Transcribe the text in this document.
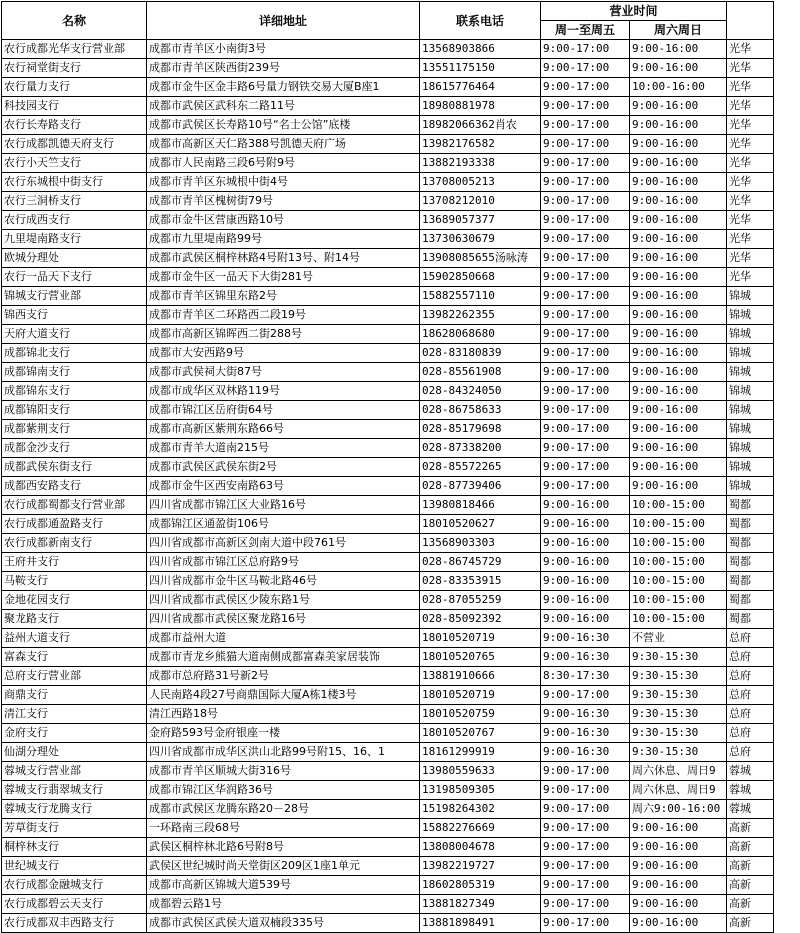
名称	详细地址	联系电话	营业时间		
			周一至周五	周六周日	
农行成都光华支行营业部	成都市青羊区小南街3号	13568903866	9:00-17:00	9:00-16:00	光华
农行祠堂街支行	成都市青羊区陕西街239号	13551175150	9:00-17:00	9:00-16:00	光华
农行量力支行	成都市金牛区金丰路6号量力钢铁交易大厦B座1	18615776464	9:00-17:00	10:00-16:00	光华
科技园支行	成都市武侯区武科东二路11号	18980881978	9:00-17:00	9:00-16:00	光华
农行长寿路支行	成都市武侯区长寿路10号“名士公馆”底楼	18982066362肖农	9:00-17:00	9:00-16:00	光华
农行成都凯德天府支行	成都市高新区天仁路388号凯德天府广场	13982176582	9:00-17:00	9:00-16:00	光华
农行小天竺支行	成都市人民南路三段6号附9号	13882193338	9:00-17:00	9:00-16:00	光华
农行东城根中街支行	成都市青羊区东城根中街4号	13708005213	9:00-17:00	9:00-16:00	光华
农行三洞桥支行	成都市青羊区槐树街79号	13708212010	9:00-17:00	9:00-16:00	光华
农行成西支行	成都市金牛区营康西路10号	13689057377	9:00-17:00	9:00-16:00	光华
九里堤南路支行	成都市九里堤南路99号	13730630679	9:00-17:00	9:00-16:00	光华
欧城分理处	成都市武侯区桐梓林路4号附13号、附14号	13908085655汤咏涛	9:00-17:00	9:00-16:00	光华
农行一品天下支行	成都市金牛区一品天下大街281号	15902850668	9:00-17:00	9:00-16:00	光华
锦城支行营业部	成都市青羊区锦里东路2号	15882557110	9:00-17:00	9:00-16:00	锦城
锦西支行	成都市青羊区二环路西二段19号	13982262355	9:00-17:00	9:00-16:00	锦城
天府大道支行	成都市高新区锦晖西二街288号	18628068680	9:00-17:00	9:00-16:00	锦城
成都锦北支行	成都市大安西路9号	028-83180839	9:00-17:00	9:00-16:00	锦城
成都锦南支行	成都市武侯祠大街87号	028-85561908	9:00-17:00	9:00-16:00	锦城
成都锦东支行	成都市成华区双林路119号	028-84324050	9:00-17:00	9:00-16:00	锦城
成都锦阳支行	成都市锦江区岳府街64号	028-86758633	9:00-17:00	9:00-16:00	锦城
成都紫荆支行	成都市高新区紫荆东路66号	028-85179698	9:00-17:00	9:00-16:00	锦城
成都金沙支行	成都市青羊大道南215号	028-87338200	9:00-17:00	9:00-16:00	锦城
成都武侯东街支行	成都市武侯区武侯东街2号	028-85572265	9:00-17:00	9:00-16:00	锦城
成都西安路支行	成都市金牛区西安南路63号	028-87739406	9:00-17:00	9:00-16:00	锦城
农行成都蜀都支行营业部	四川省成都市锦江区大业路16号	13980818466	9:00-16:00	10:00-15:00	蜀都
农行成都通盈路支行	成都锦江区通盈街106号	18010520627	9:00-16:00	10:00-15:00	蜀都
农行成都新南支行	四川省成都市高新区剑南大道中段761号	13568903303	9:00-16:00	10:00-15:00	蜀都
王府井支行	四川省成都市锦江区总府路9号	028-86745729	9:00-16:00	10:00-15:00	蜀都
马鞍支行	四川省成都市金牛区马鞍北路46号	028-83353915	9:00-16:00	10:00-15:00	蜀都
金地花园支行	四川省成都市武侯区少陵东路1号	028-87055259	9:00-16:00	10:00-15:00	蜀都
聚龙路支行	四川省成都市武侯区聚龙路16号	028-85092392	9:00-16:00	10:00-15:00	蜀都
益州大道支行	成都市益州大道	18010520719	9:00-16:30	不营业	总府
富森支行	成都市青龙乡熊猫大道南侧成都富森美家居装饰	18010520765	9:00-16:30	9:30-15:30	总府
总府支行营业部	成都市总府路31号新2号	13881910666	8:30-17:30	9:30-15:30	总府
商鼎支行	人民南路4段27号商鼎国际大厦A栋1楼3号	18010520719	9:00-17:00	9:30-15:30	总府
清江支行	清江西路18号	18010520759	9:00-16:30	9:30-15:30	总府
金府支行	金府路593号金府银座一楼	18010520767	9:00-16:30	9:30-15:30	总府
仙湖分理处	四川省成都市成华区洪山北路99号附15、16、1	18161299919	9:00-16:30	9:30-15:30	总府
蓉城支行营业部	成都市青羊区顺城大街316号	13980559633	9:00-17:00	周六休息、周日9	蓉城
蓉城支行翡翠城支行	成都市锦江区华润路36号	13198509305	9:00-17:00	周六休息、周日9	蓉城
蓉城支行龙腾支行	成都市武侯区龙腾东路20－28号	15198264302	9:00-17:00	周六9:00-16:00	蓉城
芳草街支行	一环路南三段68号	15882276669	9:00-17:00	9:00-16:00	高新
桐梓林支行	武侯区桐梓林北路6号附8号	13808004678	9:00-17:00	9:00-16:00	高新
世纪城支行	武侯区世纪城时尚天堂街区209区1座1单元	13982219727	9:00-17:00	9:00-16:00	高新
农行成都金融城支行	成都市高新区锦城大道539号	18602805319	9:00-17:00	9:00-16:00	高新
农行成都碧云天支行	成都碧云路1号	13881827349	9:00-17:00	9:00-16:00	高新
农行成都双丰西路支行	成都市武侯区武侯大道双楠段335号	13881898491	9:00-17:00	9:00-16:00	高新
